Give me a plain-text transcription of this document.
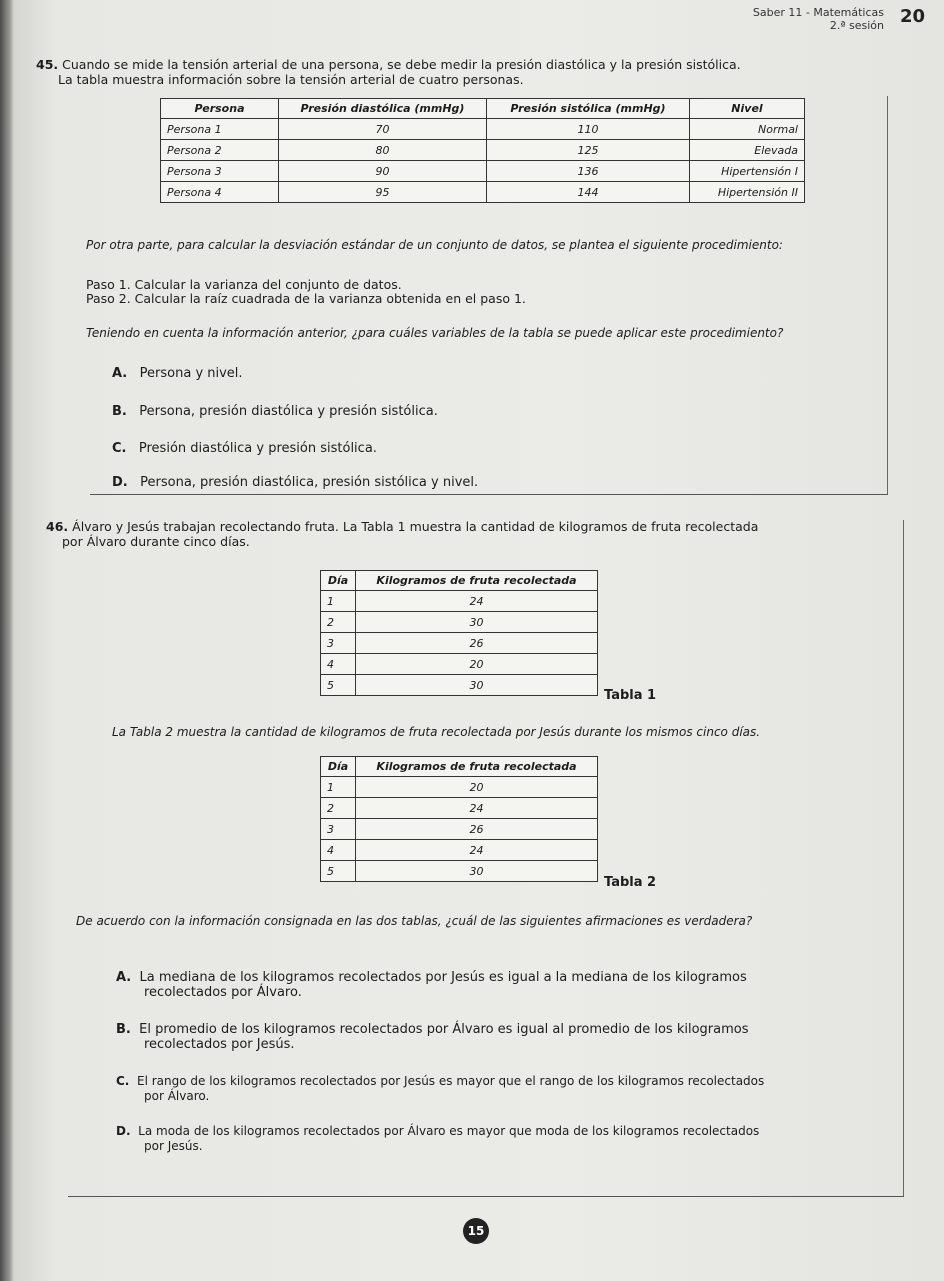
Saber 11 - Matemáticas
2.ª sesión 20
45. Cuando se mide la tensión arterial de una persona, se debe medir la presión diastólica y la presión sistólica.
La tabla muestra información sobre la tensión arterial de cuatro personas.
Persona	Presión diastólica (mmHg)	Presión sistólica (mmHg)	Nivel
Persona 1	70	110	Normal
Persona 2	80	125	Elevada
Persona 3	90	136	Hipertensión I
Persona 4	95	144	Hipertensión II
Por otra parte, para calcular la desviación estándar de un conjunto de datos, se plantea el siguiente procedimiento:
Paso 1. Calcular la varianza del conjunto de datos.
Paso 2. Calcular la raíz cuadrada de la varianza obtenida en el paso 1.
Teniendo en cuenta la información anterior, ¿para cuáles variables de la tabla se puede aplicar este procedimiento?
A. Persona y nivel.
B. Persona, presión diastólica y presión sistólica.
C. Presión diastólica y presión sistólica.
D. Persona, presión diastólica, presión sistólica y nivel.
46. Álvaro y Jesús trabajan recolectando fruta. La Tabla 1 muestra la cantidad de kilogramos de fruta recolectada
por Álvaro durante cinco días.
Día	Kilogramos de fruta recolectada
1	24
2	30
3	26
4	20
5	30
Tabla 1
La Tabla 2 muestra la cantidad de kilogramos de fruta recolectada por Jesús durante los mismos cinco días.
Día	Kilogramos de fruta recolectada
1	20
2	24
3	26
4	24
5	30
Tabla 2
De acuerdo con la información consignada en las dos tablas, ¿cuál de las siguientes afirmaciones es verdadera?
A. La mediana de los kilogramos recolectados por Jesús es igual a la mediana de los kilogramos
recolectados por Álvaro.
B. El promedio de los kilogramos recolectados por Álvaro es igual al promedio de los kilogramos
recolectados por Jesús.
C. El rango de los kilogramos recolectados por Jesús es mayor que el rango de los kilogramos recolectados
por Álvaro.
D. La moda de los kilogramos recolectados por Álvaro es mayor que moda de los kilogramos recolectados
por Jesús.
15
